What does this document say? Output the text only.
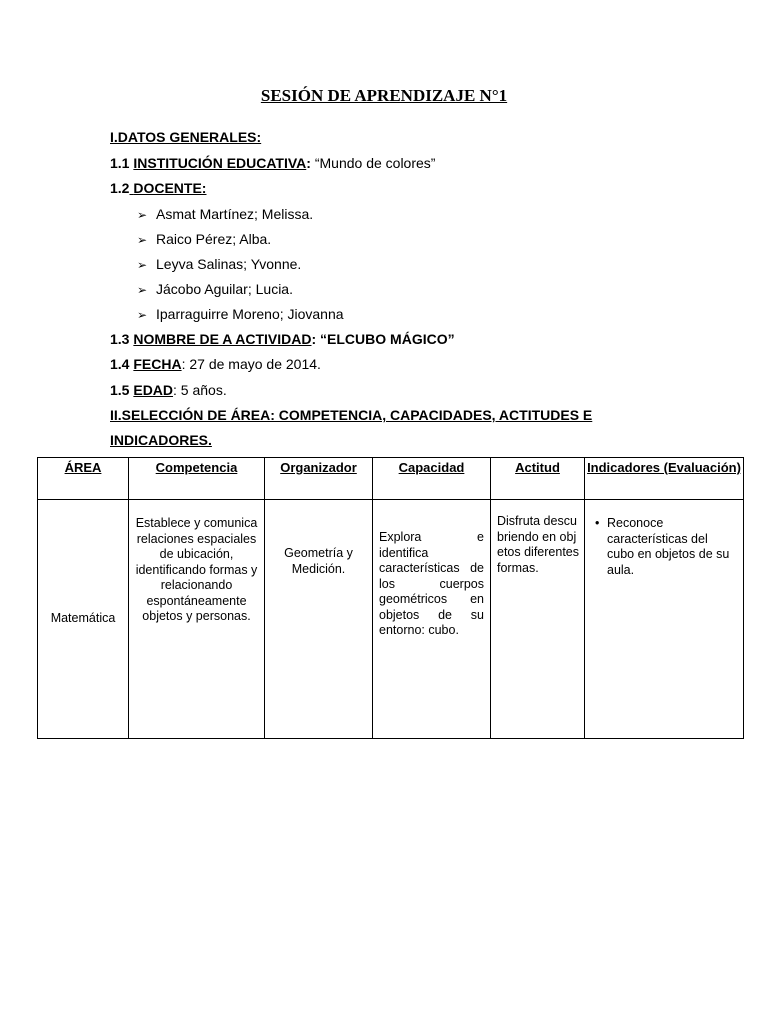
SESIÓN DE APRENDIZAJE N°1
I.DATOS GENERALES:
1.1 INSTITUCIÓN EDUCATIVA: “Mundo de colores”
1.2 DOCENTE:
➢ Asmat Martínez; Melissa.
➢ Raico Pérez; Alba.
➢ Leyva Salinas; Yvonne.
➢ Jácobo Aguilar; Lucia.
➢ Iparraguirre Moreno; Jiovanna
1.3 NOMBRE DE A ACTIVIDAD: “ELCUBO MÁGICO”
1.4 FECHA: 27 de mayo de 2014.
1.5 EDAD: 5 años.
II.SELECCIÓN DE ÁREA: COMPETENCIA, CAPACIDADES, ACTITUDES E
INDICADORES.
ÁREA	Competencia	Organizador	Capacidad	Actitud	Indicadores (Evaluación)
Matemática	Establece y comunica relaciones espaciales de ubicación, identificando formas y relacionando espontáneamente objetos y personas.	Geometría y Medición.	Explora e identifica características de los cuerpos geométricos en objetos de su entorno: cubo.	Disfruta descubriendo en objetos diferentes formas.	• Reconoce características del cubo en objetos de su aula.
